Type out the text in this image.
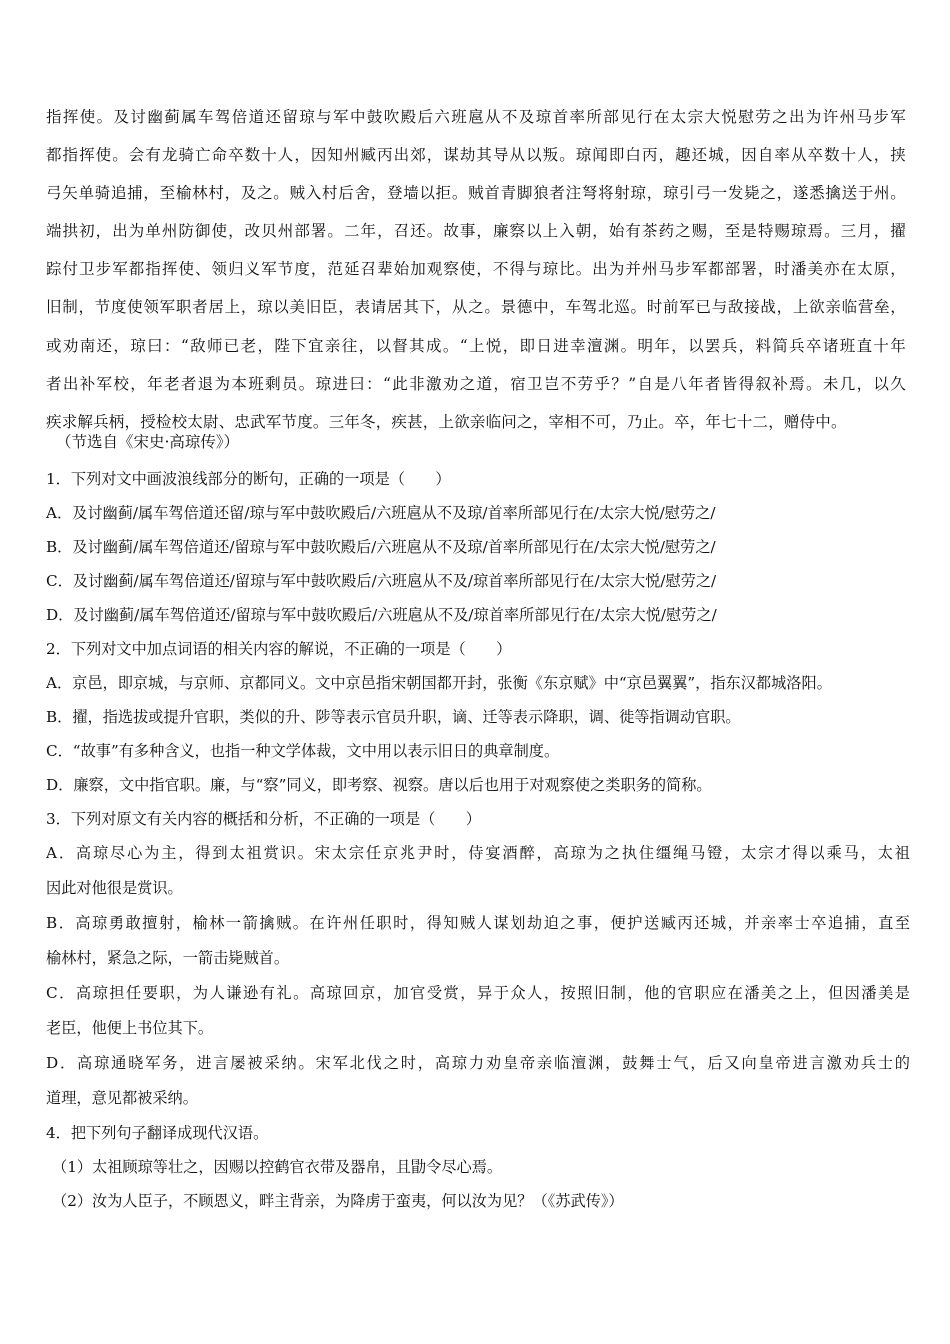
指挥使。及讨幽蓟属车驾倍道还留琼与军中鼓吹殿后六班扈从不及琼首率所部见行在太宗大悦慰劳之出为许州马步军
都指挥使。会有龙骑亡命卒数十人，因知州臧丙出郊，谋劫其导从以叛。琼闻即白丙，趣还城，因自率从卒数十人，挟
弓矢单骑追捕，至榆林村，及之。贼入村后舍，登墙以拒。贼首青脚狼者注弩将射琼，琼引弓一发毙之，遂悉擒送于州。
端拱初，出为单州防御使，改贝州部署。二年，召还。故事，廉察以上入朝，始有茶药之赐，至是特赐琼焉。三月，擢
踪付卫步军都指挥使、领归义军节度，范延召辈始加观察使，不得与琼比。出为并州马步军都部署，时潘美亦在太原，
旧制，节度使领军职者居上，琼以美旧臣，表请居其下，从之。景德中，车驾北巡。时前军已与敌接战，上欲亲临营垒，
或劝南还，琼曰：“敌师已老，陛下宜亲往，以督其成。“上悦，即日进幸澶渊。明年，以罢兵，料简兵卒诸班直十年
者出补军校，年老者退为本班剩员。琼进曰：“此非激劝之道，宿卫岂不劳乎？”自是八年者皆得叙补焉。未几，以久
疾求解兵柄，授检校太尉、忠武军节度。三年冬，疾甚，上欲亲临问之，宰相不可，乃止。卒，年七十二，赠侍中。
（节选自《宋史·高琼传》）
1．下列对文中画波浪线部分的断句，正确的一项是（　　）
A．及讨幽蓟/属车驾倍道还留/琼与军中鼓吹殿后/六班扈从不及琼/首率所部见行在/太宗大悦/慰劳之/
B．及讨幽蓟/属车驾倍道还/留琼与军中鼓吹殿后/六班扈从不及琼/首率所部见行在/太宗大悦/慰劳之/
C．及讨幽蓟/属车驾倍道还/留琼与军中鼓吹殿后/六班扈从不及/琼首率所部见行在/太宗大悦/慰劳之/
D．及讨幽蓟/属车驾倍道还/留琼与军中鼓吹殿后/六班扈从不及/琼首率所部见行在/太宗大悦/慰劳之/
2．下列对文中加点词语的相关内容的解说，不正确的一项是（　　）
A．京邑，即京城，与京师、京都同义。文中京邑指宋朝国都开封，张衡《东京赋》中“京邑翼翼”，指东汉都城洛阳。
B．擢，指选拔或提升官职，类似的升、陟等表示官员升职，谪、迁等表示降职，调、徙等指调动官职。
C．“故事”有多种含义，也指一种文学体裁，文中用以表示旧日的典章制度。
D．廉察，文中指官职。廉，与“察”同义，即考察、视察。唐以后也用于对观察使之类职务的简称。
3．下列对原文有关内容的概括和分析，不正确的一项是（　　）
A．高琼尽心为主，得到太祖赏识。宋太宗任京兆尹时，侍宴酒醉，高琼为之执住缰绳马镫，太宗才得以乘马，太祖
因此对他很是赏识。
B．高琼勇敢擅射，榆林一箭擒贼。在许州任职时，得知贼人谋划劫迫之事，便护送臧丙还城，并亲率士卒追捕，直至
榆林村，紧急之际，一箭击毙贼首。
C．高琼担任要职，为人谦逊有礼。高琼回京，加官受赏，异于众人，按照旧制，他的官职应在潘美之上，但因潘美是
老臣，他便上书位其下。
D．高琼通晓军务，进言屡被采纳。宋军北伐之时，高琼力劝皇帝亲临澶渊，鼓舞士气，后又向皇帝进言激劝兵士的
道理，意见都被采纳。
4．把下列句子翻译成现代汉语。
（1）太祖顾琼等壮之，因赐以控鹤官衣带及器帛，且勖令尽心焉。
（2）汝为人臣子，不顾恩义，畔主背亲，为降虏于蛮夷，何以汝为见？（《苏武传》）
